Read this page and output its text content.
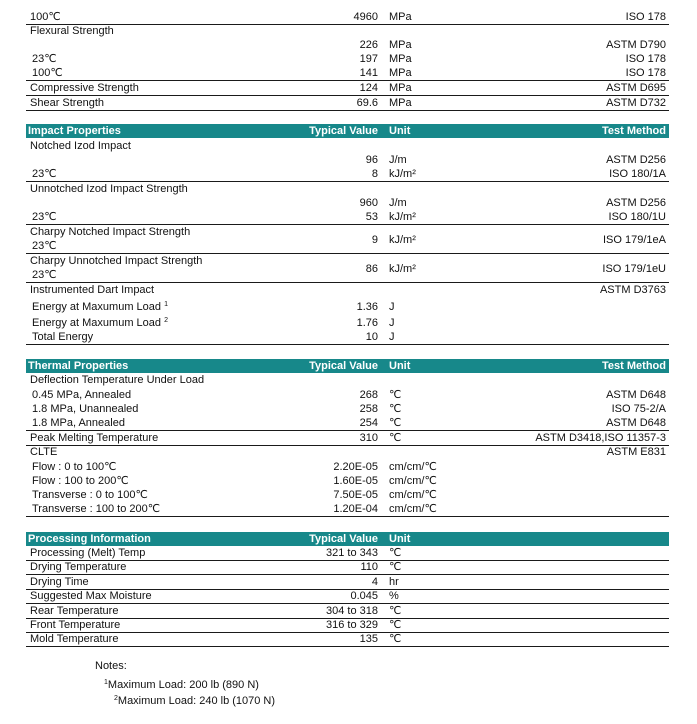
100℃	4960 MPa	ISO 178
Flexural Strength
226 MPa	ASTM D790
23℃	197 MPa	ISO 178
100℃	141 MPa	ISO 178
Compressive Strength	124 MPa	ASTM D695
Shear Strength	69.6 MPa	ASTM D732
Impact Properties	Typical Value Unit	Test Method
Notched Izod Impact
96 J/m	ASTM D256
23℃	8 kJ/m²	ISO 180/1A
Unnotched Izod Impact Strength
960 J/m	ASTM D256
23℃	53 kJ/m²	ISO 180/1U
Charpy Notched Impact Strength
23℃	9 kJ/m²	ISO 179/1eA
Charpy Unnotched Impact Strength
23℃	86 kJ/m²	ISO 179/1eU
Instrumented Dart Impact	ASTM D3763
Energy at Maxumum Load $^1$	1.36 J
Energy at Maxumum Load $^2$	1.76 J
Total Energy	10 J
Thermal Properties	Typical Value Unit	Test Method
Deflection Temperature Under Load
0.45 MPa, Annealed	268 ℃	ASTM D648
1.8 MPa, Unannealed	258 ℃	ISO 75-2/A
1.8 MPa, Annealed	254 ℃	ASTM D648
Peak Melting Temperature	310 ℃	ASTM D3418,ISO 11357-3
CLTE	ASTM E831
Flow : 0 to 100℃	2.20E-05 cm/cm/℃
Flow : 100 to 200℃	1.60E-05 cm/cm/℃
Transverse : 0 to 100℃	7.50E-05 cm/cm/℃
Transverse : 100 to 200℃	1.20E-04 cm/cm/℃
Processing Information	Typical Value Unit
Processing (Melt) Temp	321 to 343 ℃
Drying Temperature	110 ℃
Drying Time	4 hr
Suggested Max Moisture	0.045 %
Rear Temperature	304 to 318 ℃
Front Temperature	316 to 329 ℃
Mold Temperature	135 ℃
Notes:
$^1$Maximum Load: 200 lb (890 N)
$^2$Maximum Load: 240 lb (1070 N)
